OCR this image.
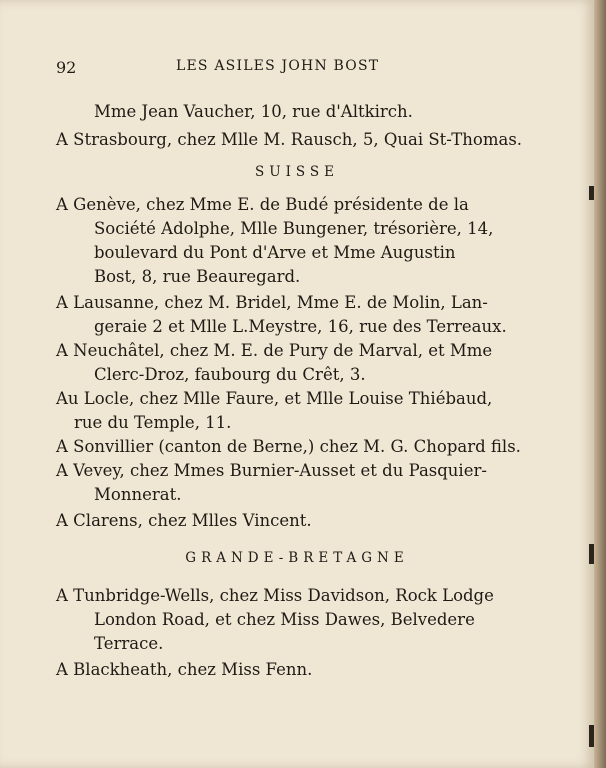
92	LES ASILES JOHN BOST
Mme Jean Vaucher, 10, rue d'Altkirch.
A Strasbourg, chez Mlle M. Rausch, 5, Quai St-Thomas.
SUISSE
A Genève, chez Mme E. de Budé présidente de la
Société Adolphe, Mlle Bungener, trésorière, 14,
boulevard du Pont d'Arve et Mme Augustin
Bost, 8, rue Beauregard.
A Lausanne, chez M. Bridel, Mme E. de Molin, Lan-
geraie 2 et Mlle L.Meystre, 16, rue des Terreaux.
A Neuchâtel, chez M. E. de Pury de Marval, et Mme
Clerc-Droz, faubourg du Crêt, 3.
Au Locle, chez Mlle Faure, et Mlle Louise Thiébaud,
rue du Temple, 11.
A Sonvillier (canton de Berne,) chez M. G. Chopard fils.
A Vevey, chez Mmes Burnier-Ausset et du Pasquier-
Monnerat.
A Clarens, chez Mlles Vincent.
GRANDE-BRETAGNE
A Tunbridge-Wells, chez Miss Davidson, Rock Lodge
London Road, et chez Miss Dawes, Belvedere
Terrace.
A Blackheath, chez Miss Fenn.
